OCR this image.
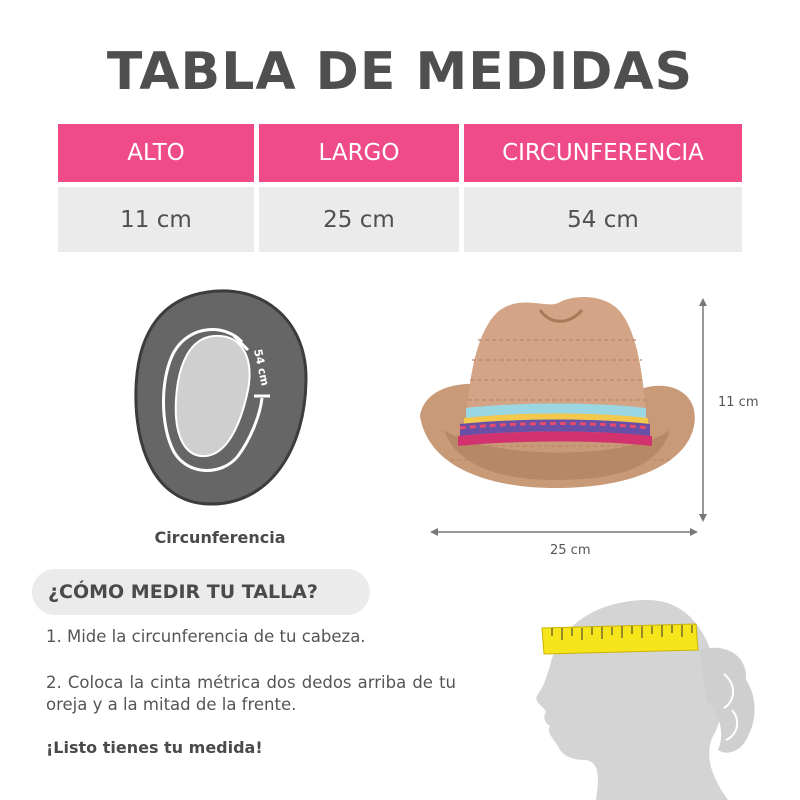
TABLA DE MEDIDAS
ALTO	LARGO	CIRCUNFERENCIA
11 cm	25 cm	54 cm
54 cm
Circunferencia
11 cm
25 cm
¿CÓMO MEDIR TU TALLA?
1. Mide la circunferencia de tu cabeza.
2. Coloca la cinta métrica dos dedos arriba de tu oreja y a la mitad de la frente.
¡Listo tienes tu medida!
